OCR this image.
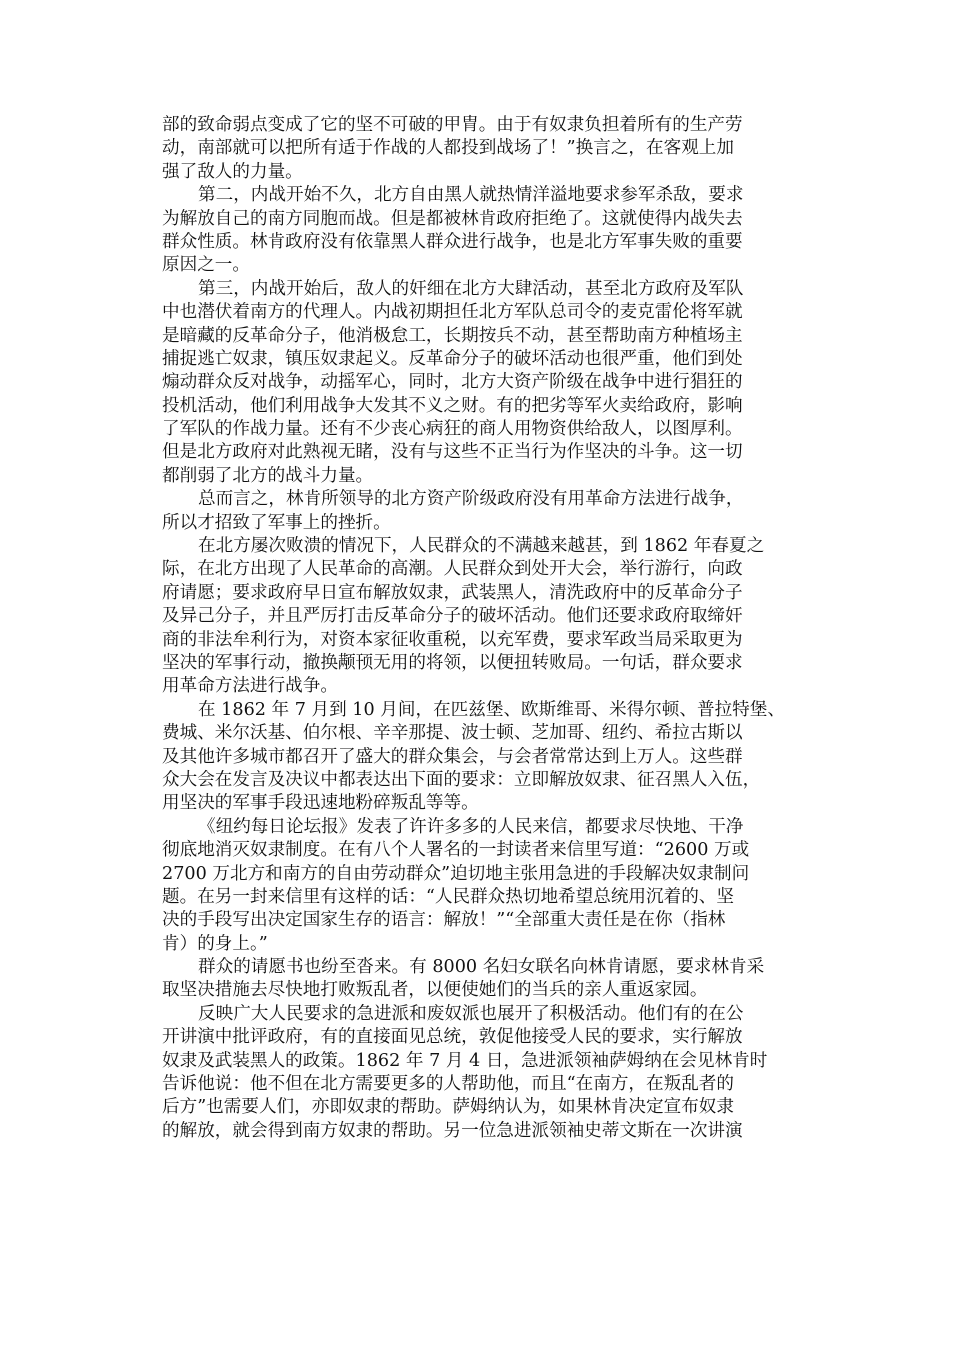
部的致命弱点变成了它的坚不可破的甲胄。由于有奴隶负担着所有的生产劳
动，南部就可以把所有适于作战的人都投到战场了！”换言之，在客观上加
强了敌人的力量。

第二，内战开始不久，北方自由黑人就热情洋溢地要求参军杀敌，要求
为解放自己的南方同胞而战。但是都被林肯政府拒绝了。这就使得内战失去
群众性质。林肯政府没有依靠黑人群众进行战争，也是北方军事失败的重要
原因之一。

第三，内战开始后，敌人的奸细在北方大肆活动，甚至北方政府及军队
中也潜伏着南方的代理人。内战初期担任北方军队总司令的麦克雷伦将军就
是暗藏的反革命分子，他消极怠工，长期按兵不动，甚至帮助南方种植场主
捕捉逃亡奴隶，镇压奴隶起义。反革命分子的破坏活动也很严重，他们到处
煽动群众反对战争，动摇军心，同时，北方大资产阶级在战争中进行猖狂的
投机活动，他们利用战争大发其不义之财。有的把劣等军火卖给政府，影响
了军队的作战力量。还有不少丧心病狂的商人用物资供给敌人，以图厚利。
但是北方政府对此熟视无睹，没有与这些不正当行为作坚决的斗争。这一切
都削弱了北方的战斗力量。

总而言之，林肯所领导的北方资产阶级政府没有用革命方法进行战争，
所以才招致了军事上的挫折。

在北方屡次败溃的情况下，人民群众的不满越来越甚，到 1862 年春夏之
际，在北方出现了人民革命的高潮。人民群众到处开大会，举行游行，向政
府请愿；要求政府早日宣布解放奴隶，武装黑人，清洗政府中的反革命分子
及异己分子，并且严厉打击反革命分子的破坏活动。他们还要求政府取缔奸
商的非法牟利行为，对资本家征收重税，以充军费，要求军政当局采取更为
坚决的军事行动，撤换颟顸无用的将领，以便扭转败局。一句话，群众要求
用革命方法进行战争。

在 1862 年 7 月到 10 月间，在匹兹堡、欧斯维哥、米得尔顿、普拉特堡、
费城、米尔沃基、伯尔根、辛辛那提、波士顿、芝加哥、纽约、希拉古斯以
及其他许多城市都召开了盛大的群众集会，与会者常常达到上万人。这些群
众大会在发言及决议中都表达出下面的要求：立即解放奴隶、征召黑人入伍，
用坚决的军事手段迅速地粉碎叛乱等等。

《纽约每日论坛报》发表了许许多多的人民来信，都要求尽快地、干净
彻底地消灭奴隶制度。在有八个人署名的一封读者来信里写道：“2600 万或
2700 万北方和南方的自由劳动群众”迫切地主张用急进的手段解决奴隶制问
题。在另一封来信里有这样的话：“人民群众热切地希望总统用沉着的、坚
决的手段写出决定国家生存的语言：解放！”“全部重大责任是在你（指林
肯）的身上。”

群众的请愿书也纷至沓来。有 8000 名妇女联名向林肯请愿，要求林肯采
取坚决措施去尽快地打败叛乱者，以便使她们的当兵的亲人重返家园。

反映广大人民要求的急进派和废奴派也展开了积极活动。他们有的在公
开讲演中批评政府，有的直接面见总统，敦促他接受人民的要求，实行解放
奴隶及武装黑人的政策。1862 年 7 月 4 日，急进派领袖萨姆纳在会见林肯时
告诉他说：他不但在北方需要更多的人帮助他，而且“在南方，在叛乱者的
后方”也需要人们，亦即奴隶的帮助。萨姆纳认为，如果林肯决定宣布奴隶
的解放，就会得到南方奴隶的帮助。另一位急进派领袖史蒂文斯在一次讲演
